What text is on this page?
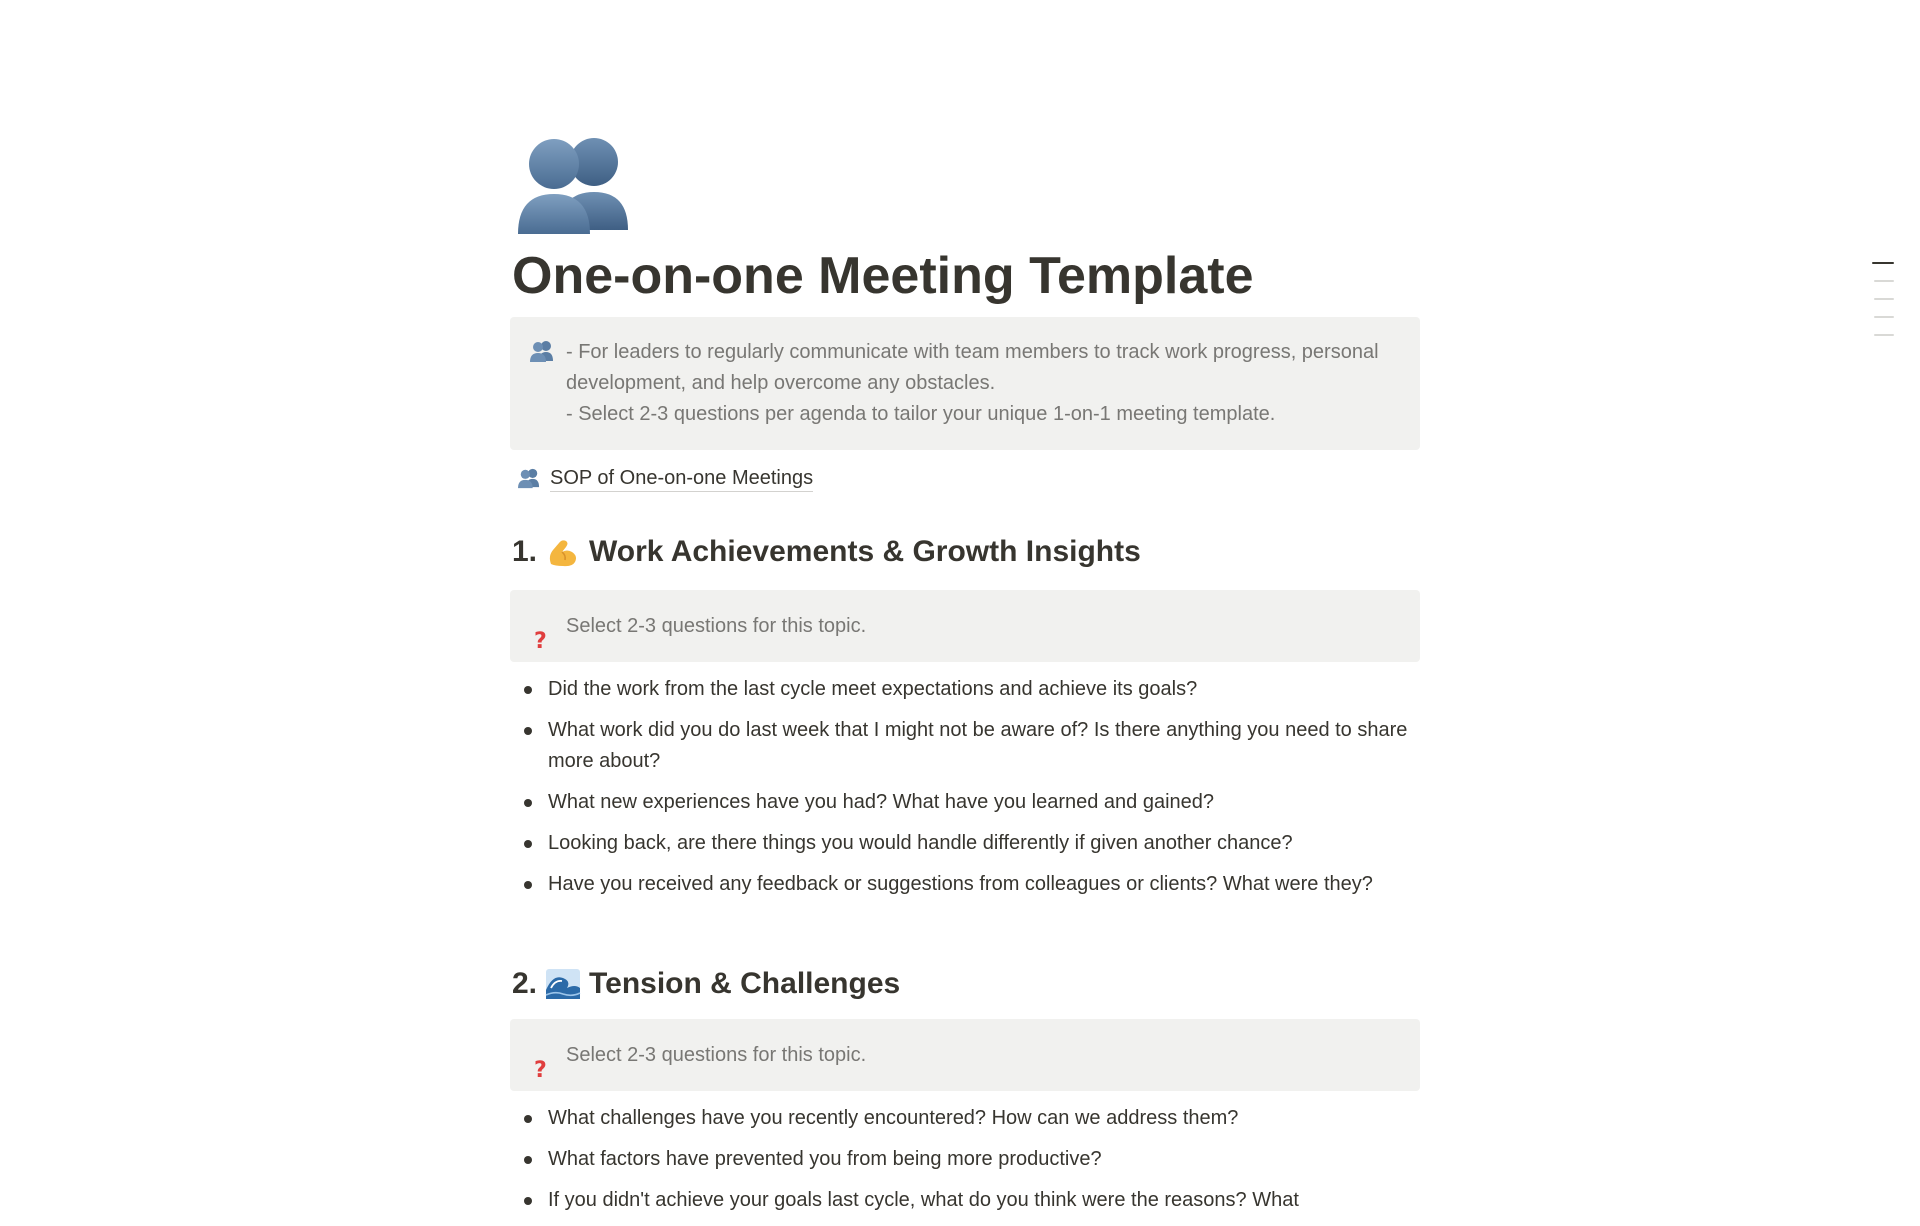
One-on-one Meeting Template

- For leaders to regularly communicate with team members to track work progress, personal development, and help overcome any obstacles.

- Select 2-3 questions per agenda to tailor your unique 1-on-1 meeting template.

SOP of One-on-one Meetings
1. Work Achievements & Growth Insights
?
Select 2-3 questions for this topic.
Did the work from the last cycle meet expectations and achieve its goals?
What work did you do last week that I might not be aware of? Is there anything you need to share more about?
What new experiences have you had? What have you learned and gained?
Looking back, are there things you would handle differently if given another chance?
Have you received any feedback or suggestions from colleagues or clients? What were they?
2. Tension & Challenges
?
Select 2-3 questions for this topic.
What challenges have you recently encountered? How can we address them?
What factors have prevented you from being more productive?
If you didn't achieve your goals last cycle, what do you think were the reasons? What
